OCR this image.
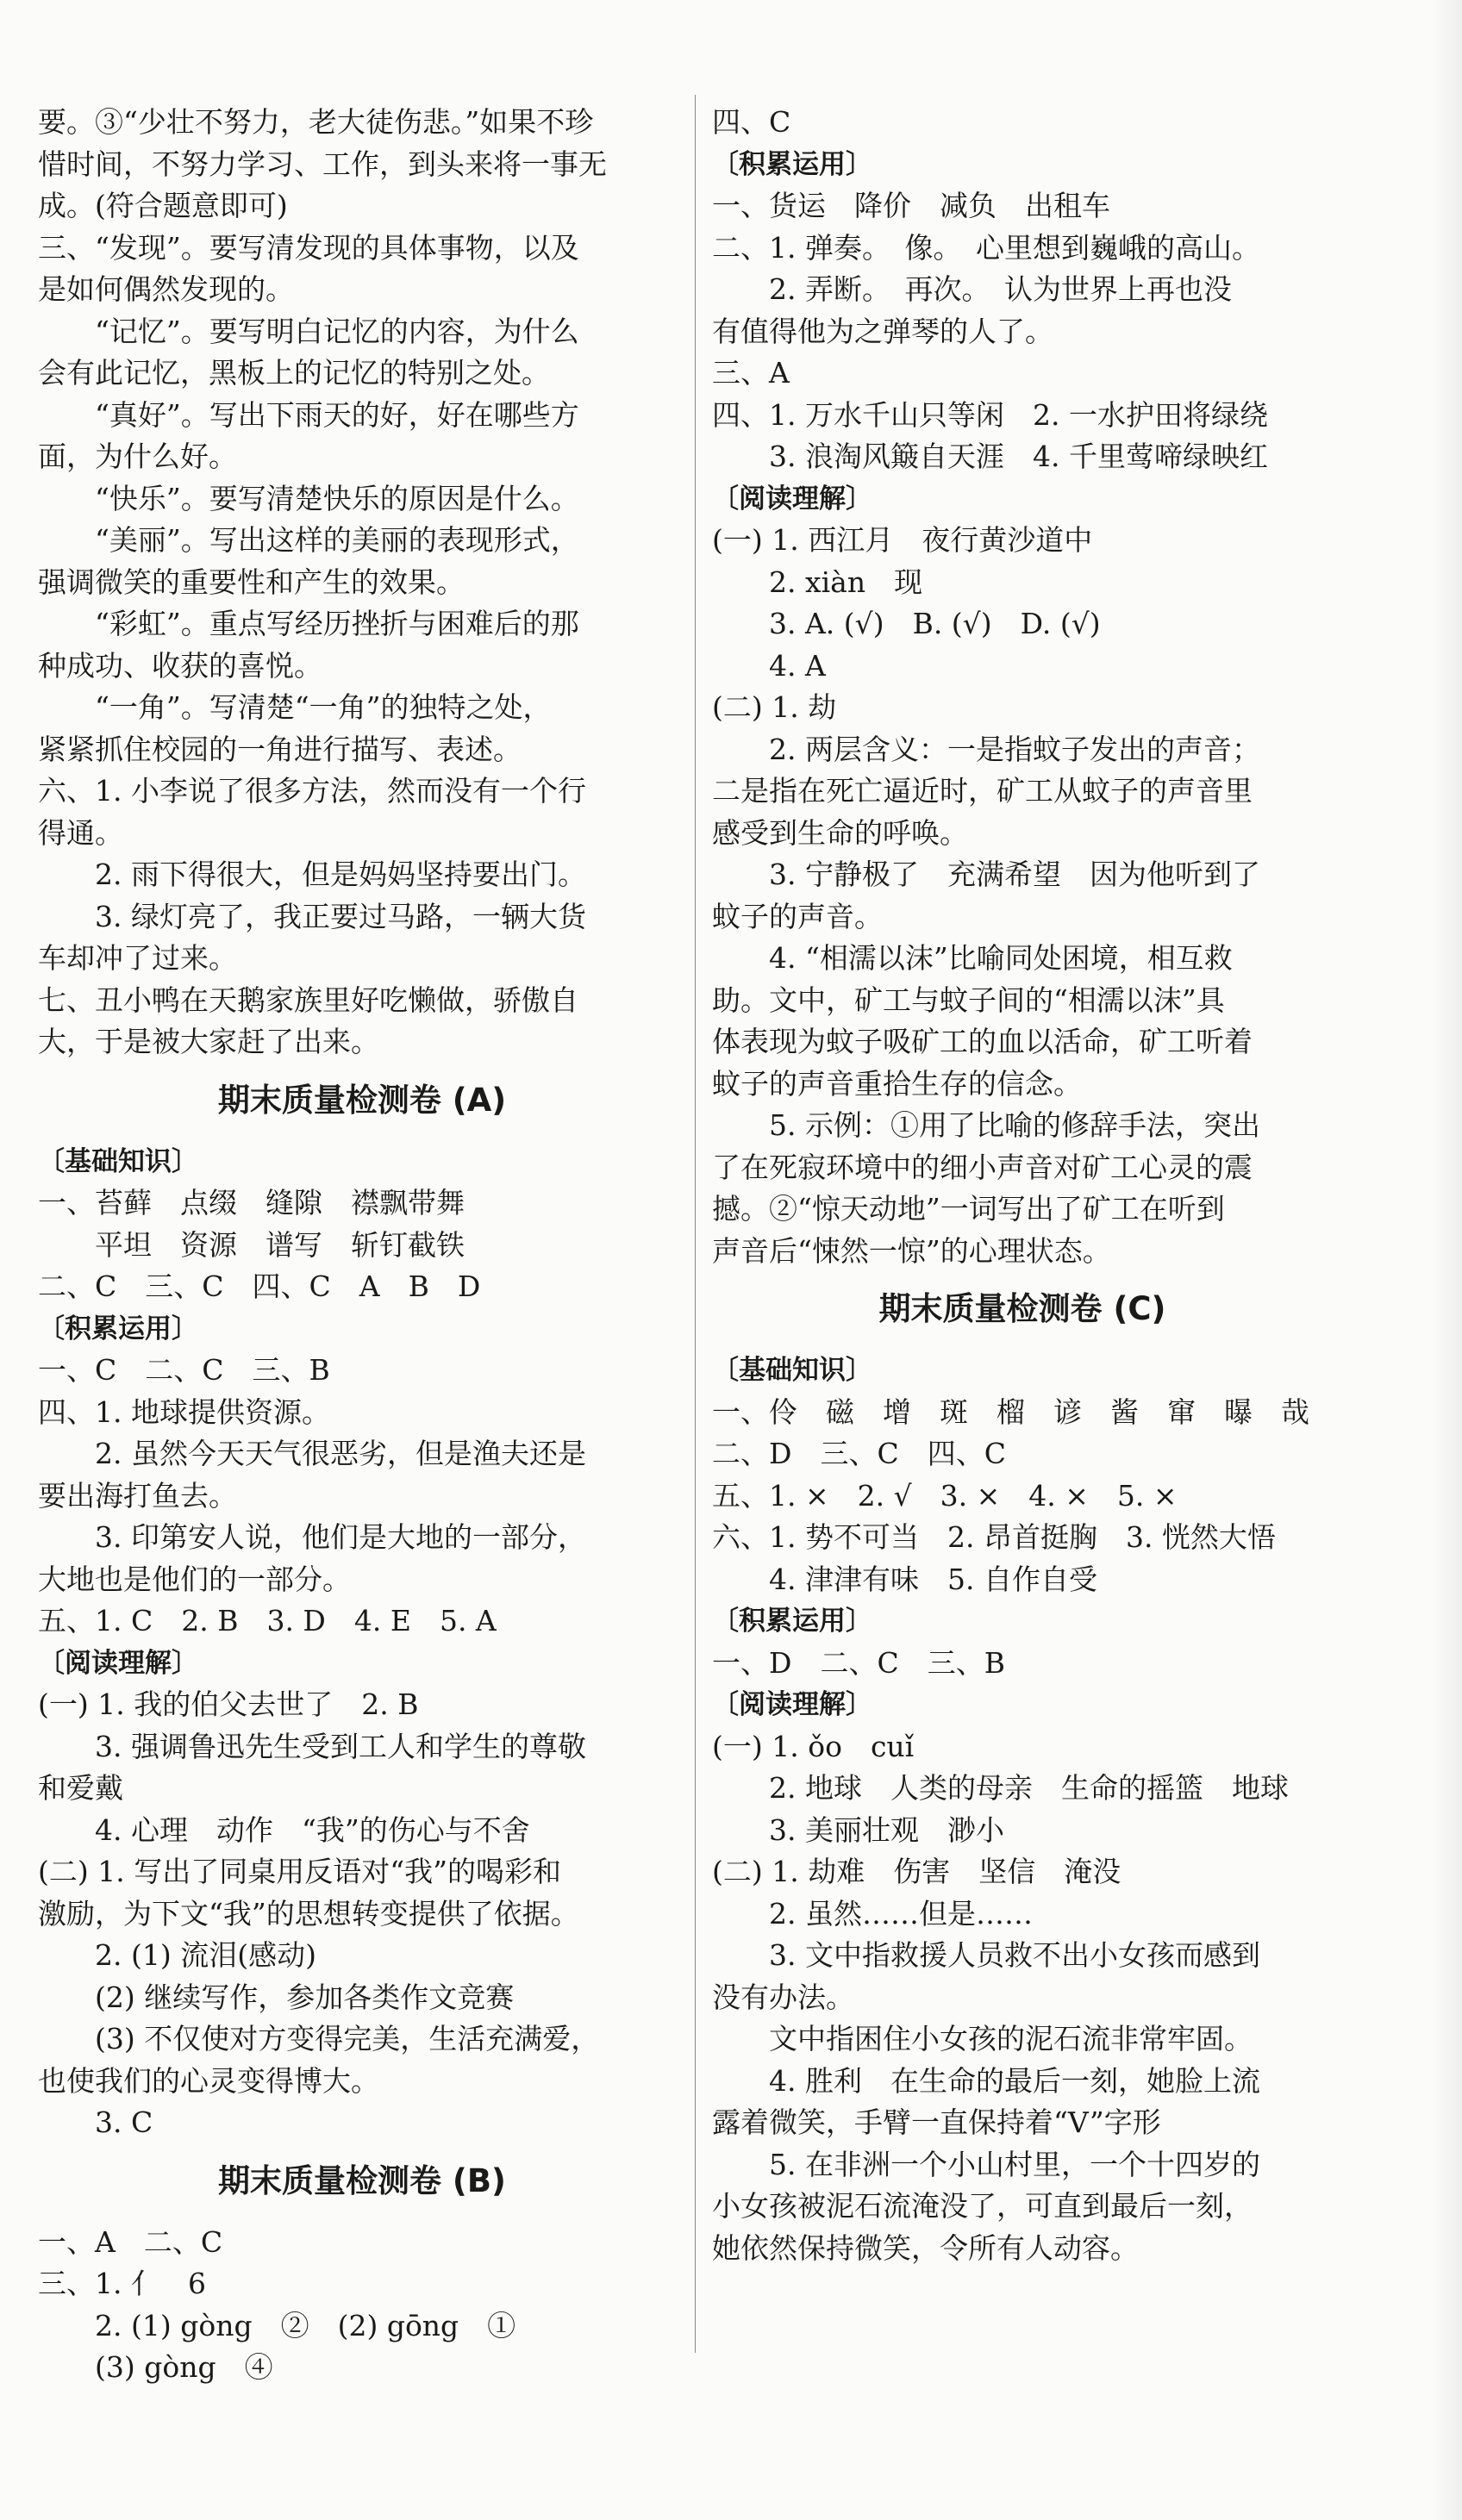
要。③“少壮不努力，老大徒伤悲。”如果不珍
惜时间，不努力学习、工作，到头来将一事无
成。(符合题意即可)
三、“发现”。要写清发现的具体事物，以及
是如何偶然发现的。
“记忆”。要写明白记忆的内容，为什么
会有此记忆，黑板上的记忆的特别之处。
“真好”。写出下雨天的好，好在哪些方
面，为什么好。
“快乐”。要写清楚快乐的原因是什么。
“美丽”。写出这样的美丽的表现形式，
强调微笑的重要性和产生的效果。
“彩虹”。重点写经历挫折与困难后的那
种成功、收获的喜悦。
“一角”。写清楚“一角”的独特之处，
紧紧抓住校园的一角进行描写、表述。
六、1. 小李说了很多方法，然而没有一个行
得通。
2. 雨下得很大，但是妈妈坚持要出门。
3. 绿灯亮了，我正要过马路，一辆大货
车却冲了过来。
七、丑小鸭在天鹅家族里好吃懒做，骄傲自
大，于是被大家赶了出来。
期末质量检测卷 (A)
〔基础知识〕
一、苔藓　点缀　缝隙　襟飘带舞
平坦　资源　谱写　斩钉截铁
二、C　三、C　四、C　A　B　D
〔积累运用〕
一、C　二、C　三、B
四、1. 地球提供资源。
2. 虽然今天天气很恶劣，但是渔夫还是
要出海打鱼去。
3. 印第安人说，他们是大地的一部分，
大地也是他们的一部分。
五、1. C　2. B　3. D　4. E　5. A
〔阅读理解〕
(一) 1. 我的伯父去世了　2. B
3. 强调鲁迅先生受到工人和学生的尊敬
和爱戴
4. 心理　动作　“我”的伤心与不舍
(二) 1. 写出了同桌用反语对“我”的喝彩和
激励，为下文“我”的思想转变提供了依据。
2. (1) 流泪(感动)
(2) 继续写作，参加各类作文竞赛
(3) 不仅使对方变得完美，生活充满爱，
也使我们的心灵变得博大。
3. C
期末质量检测卷 (B)
一、A　二、C
三、1. 亻　6
2. (1) gòng　②　(2) gōng　①
(3) gòng　④
四、C
〔积累运用〕
一、货运　降价　减负　出租车
二、1. 弹奏。　像。　心里想到巍峨的高山。
2. 弄断。　再次。　认为世界上再也没
有值得他为之弹琴的人了。
三、A
四、1. 万水千山只等闲　2. 一水护田将绿绕
3. 浪淘风簸自天涯　4. 千里莺啼绿映红
〔阅读理解〕
(一) 1. 西江月　夜行黄沙道中
2. xiàn　现
3. A. (√)　B. (√)　D. (√)
4. A
(二) 1. 劫
2. 两层含义：一是指蚊子发出的声音；
二是指在死亡逼近时，矿工从蚊子的声音里
感受到生命的呼唤。
3. 宁静极了　充满希望　因为他听到了
蚊子的声音。
4. “相濡以沫”比喻同处困境，相互救
助。文中，矿工与蚊子间的“相濡以沫”具
体表现为蚊子吸矿工的血以活命，矿工听着
蚊子的声音重拾生存的信念。
5. 示例：①用了比喻的修辞手法，突出
了在死寂环境中的细小声音对矿工心灵的震
撼。②“惊天动地”一词写出了矿工在听到
声音后“悚然一惊”的心理状态。
期末质量检测卷 (C)
〔基础知识〕
一、伶　磁　增　斑　榴　谚　酱　窜　曝　哉
二、D　三、C　四、C
五、1. ×　2. √　3. ×　4. ×　5. ×
六、1. 势不可当　2. 昂首挺胸　3. 恍然大悟
4. 津津有味　5. 自作自受
〔积累运用〕
一、D　二、C　三、B
〔阅读理解〕
(一) 1. ǒo　cuǐ
2. 地球　人类的母亲　生命的摇篮　地球
3. 美丽壮观　渺小
(二) 1. 劫难　伤害　坚信　淹没
2. 虽然……但是……
3. 文中指救援人员救不出小女孩而感到
没有办法。
文中指困住小女孩的泥石流非常牢固。
4. 胜利　在生命的最后一刻，她脸上流
露着微笑，手臂一直保持着“V”字形
5. 在非洲一个小山村里，一个十四岁的
小女孩被泥石流淹没了，可直到最后一刻，
她依然保持微笑，令所有人动容。
